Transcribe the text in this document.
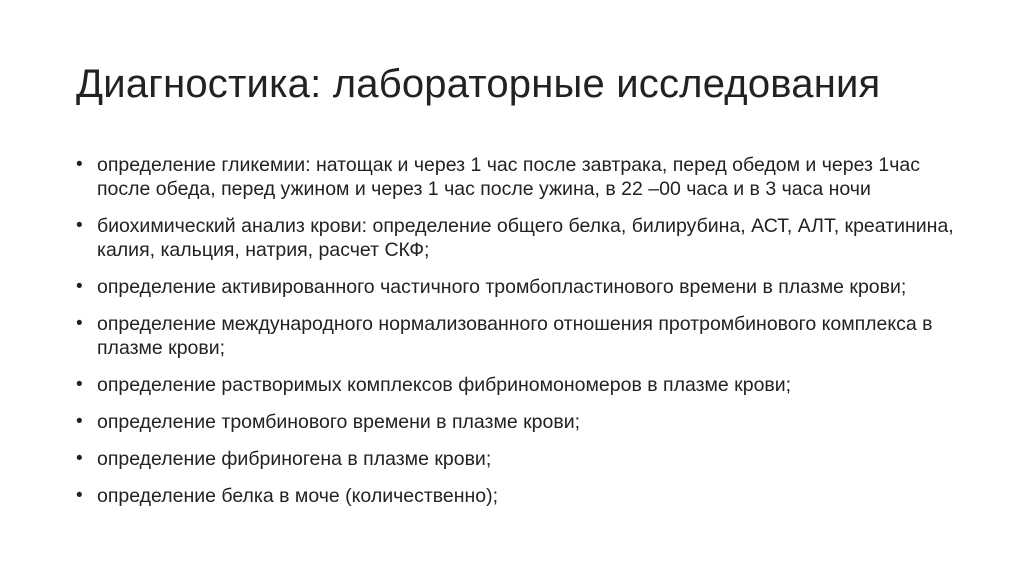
Диагностика: лабораторные исследования
• определение гликемии: натощак и через 1 час после завтрака, перед обедом и через 1час после обеда, перед ужином и через 1 час после ужина, в 22 –00 часа и в 3 часа ночи
• биохимический анализ крови: определение общего белка, билирубина, АСТ, АЛТ, креатинина, калия, кальция, натрия, расчет СКФ;
• определение активированного частичного тромбопластинового времени в плазме крови;
• определение международного нормализованного отношения протромбинового комплекса в плазме крови;
• определение растворимых комплексов фибриномономеров в плазме крови;
• определение тромбинового времени в плазме крови;
• определение фибриногена в плазме крови;
• определение белка в моче (количественно);
